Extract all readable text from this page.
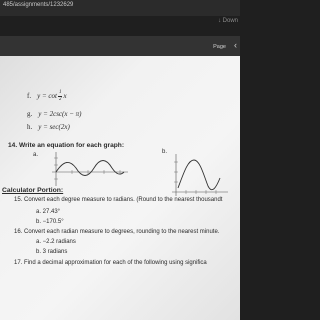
485/assignments/1232629
↓ Down
Page ‹
f. $y = \cot \frac{1}{2}$ x
g. y = 2csc(x − π)
h. y = sec(2x)
14. Write an equation for each graph:
a.	b.
Calculator Portion:
15. Convert each degree measure to radians. (Round to the nearest thousandt
a. 27.43°
b. −170.5°
16. Convert each radian measure to degrees, rounding to the nearest minute.
a. −2.2 radians
b. 3 radians
17. Find a decimal approximation for each of the following using significa
